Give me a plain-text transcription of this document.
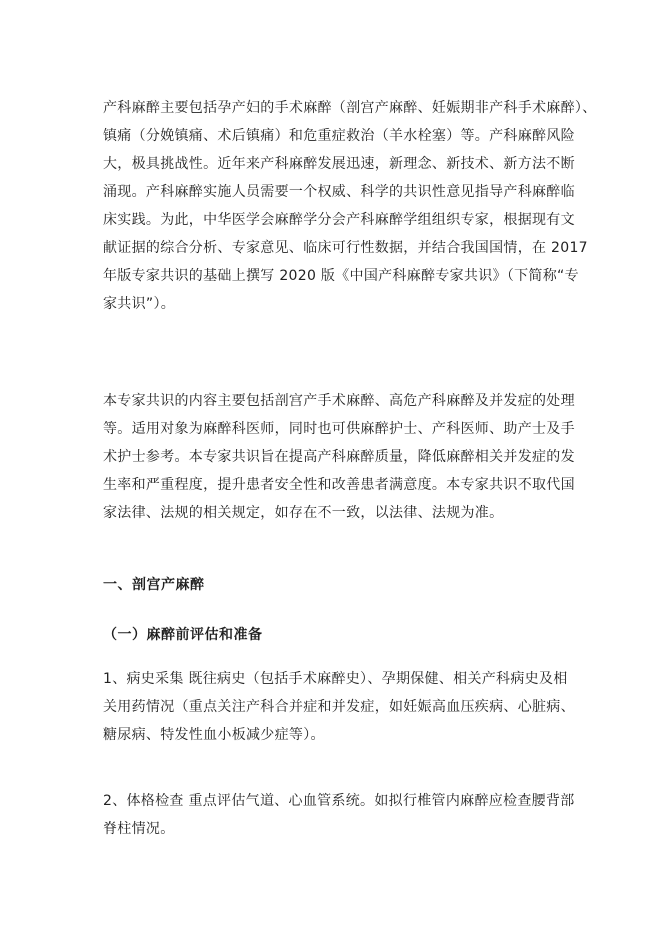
产科麻醉主要包括孕产妇的手术麻醉（剖宫产麻醉、妊娠期非产科手术麻醉）、
镇痛（分娩镇痛、术后镇痛）和危重症救治（羊水栓塞）等。产科麻醉风险
大，极具挑战性。近年来产科麻醉发展迅速，新理念、新技术、新方法不断
涌现。产科麻醉实施人员需要一个权威、科学的共识性意见指导产科麻醉临
床实践。为此，中华医学会麻醉学分会产科麻醉学组组织专家，根据现有文
献证据的综合分析、专家意见、临床可行性数据，并结合我国国情，在 2017
年版专家共识的基础上撰写 2020 版《中国产科麻醉专家共识》（下简称“专
家共识”）。
本专家共识的内容主要包括剖宫产手术麻醉、高危产科麻醉及并发症的处理
等。适用对象为麻醉科医师，同时也可供麻醉护士、产科医师、助产士及手
术护士参考。本专家共识旨在提高产科麻醉质量，降低麻醉相关并发症的发
生率和严重程度，提升患者安全性和改善患者满意度。本专家共识不取代国
家法律、法规的相关规定，如存在不一致，以法律、法规为准。
一、剖宫产麻醉
（一）麻醉前评估和准备
1、病史采集 既往病史（包括手术麻醉史）、孕期保健、相关产科病史及相
关用药情况（重点关注产科合并症和并发症，如妊娠高血压疾病、心脏病、
糖尿病、特发性血小板减少症等）。
2、体格检查 重点评估气道、心血管系统。如拟行椎管内麻醉应检查腰背部
脊柱情况。
